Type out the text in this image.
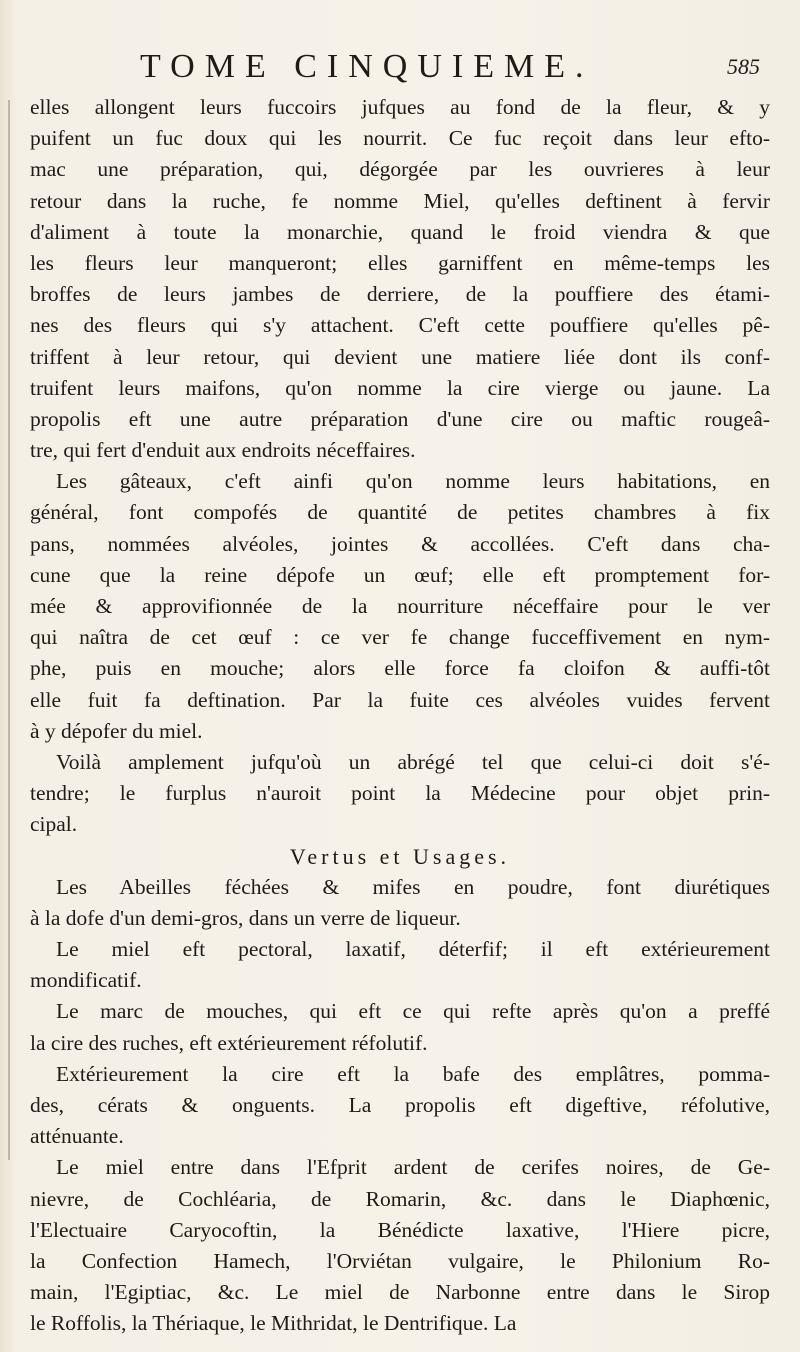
TOME CINQUIEME.	585
elles allongent leurs fuccoirs jufques au fond de la fleur, & y
puifent un fuc doux qui les nourrit. Ce fuc reçoit dans leur efto-
mac une préparation, qui, dégorgée par les ouvrieres à leur
retour dans la ruche, fe nomme Miel, qu'elles deftinent à fervir
d'aliment à toute la monarchie, quand le froid viendra & que
les fleurs leur manqueront; elles garniffent en même-temps les
broffes de leurs jambes de derriere, de la pouffiere des étami-
nes des fleurs qui s'y attachent. C'eft cette pouffiere qu'elles pê-
triffent à leur retour, qui devient une matiere liée dont ils conf-
truifent leurs maifons, qu'on nomme la cire vierge ou jaune. La
propolis eft une autre préparation d'une cire ou maftic rougeâ-
tre, qui fert d'enduit aux endroits néceffaires.
Les gâteaux, c'eft ainfi qu'on nomme leurs habitations, en
général, font compofés de quantité de petites chambres à fix
pans, nommées alvéoles, jointes & accollées. C'eft dans cha-
cune que la reine dépofe un œuf; elle eft promptement for-
mée & approvifionnée de la nourriture néceffaire pour le ver
qui naîtra de cet œuf : ce ver fe change fucceffivement en nym-
phe, puis en mouche; alors elle force fa cloifon & auffi-tôt
elle fuit fa deftination. Par la fuite ces alvéoles vuides fervent
à y dépofer du miel.
Voilà amplement jufqu'où un abrégé tel que celui-ci doit s'é-
tendre; le furplus n'auroit point la Médecine pour objet prin-
cipal.
Vertus et Usages.
Les Abeilles féchées & mifes en poudre, font diurétiques
à la dofe d'un demi-gros, dans un verre de liqueur.
Le miel eft pectoral, laxatif, déterfif; il eft extérieurement
mondificatif.
Le marc de mouches, qui eft ce qui refte après qu'on a preffé
la cire des ruches, eft extérieurement réfolutif.
Extérieurement la cire eft la bafe des emplâtres, pomma-
des, cérats & onguents. La propolis eft digeftive, réfolutive,
atténuante.
Le miel entre dans l'Efprit ardent de cerifes noires, de Ge-
nievre, de Cochléaria, de Romarin, &c. dans le Diaphœnic,
l'Electuaire Caryocoftin, la Bénédicte laxative, l'Hiere picre,
la Confection Hamech, l'Orviétan vulgaire, le Philonium Ro-
main, l'Egiptiac, &c. Le miel de Narbonne entre dans le Sirop
le Roffolis, la Thériaque, le Mithridat, le Dentrifique. La
